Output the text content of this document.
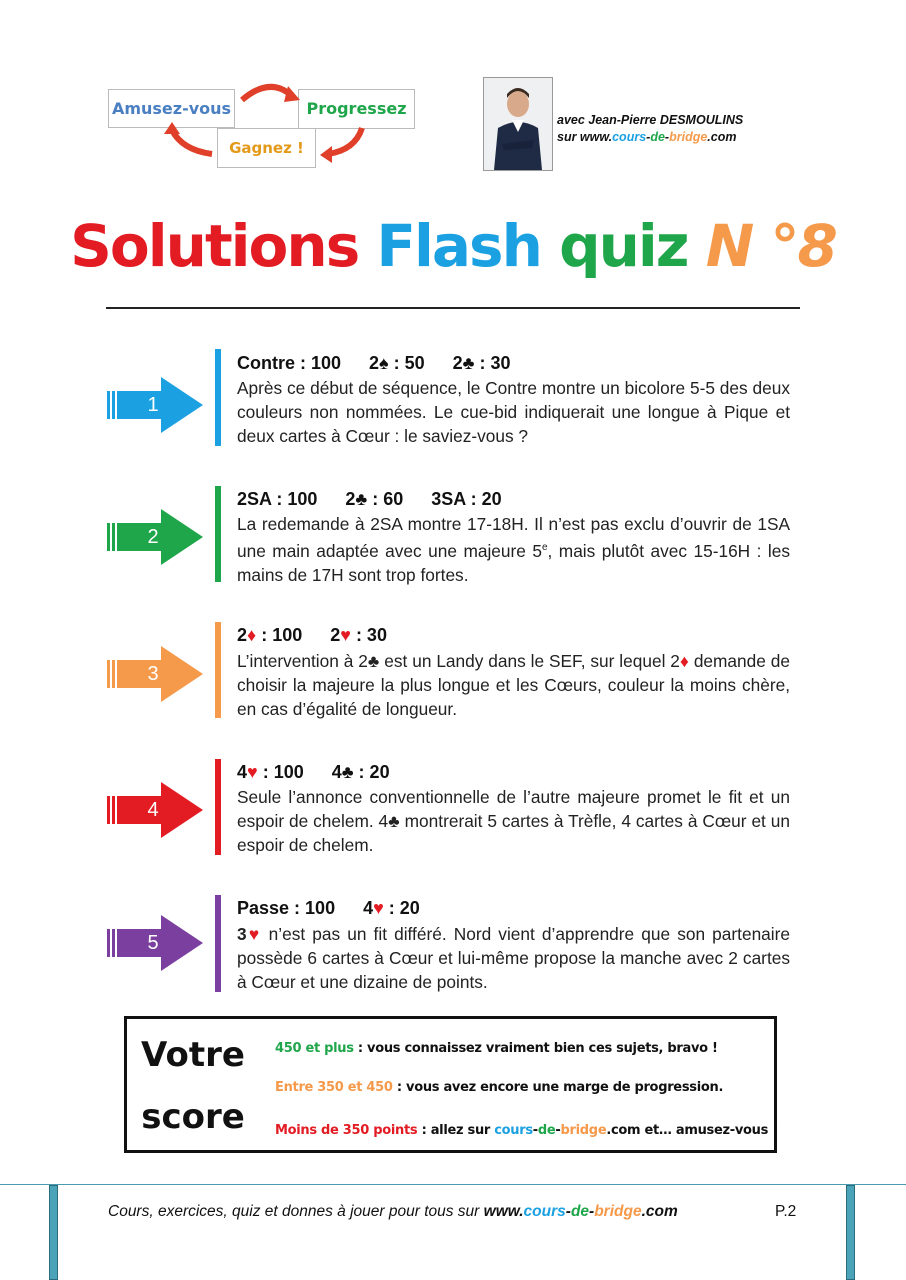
Amusez-vous	Progressez
Gagnez !
avec Jean-Pierre DESMOULINS
sur www.cours-de-bridge.com
Solutions Flash quiz N °8
1
Contre : 100 2♠ : 50 2♣ : 30
Après ce début de séquence, le Contre montre un bicolore 5-5 des deux couleurs non nommées. Le cue-bid indiquerait une longue à Pique et deux cartes à Cœur : le saviez-vous ?
2
2SA : 100 2♣ : 60 3SA : 20
La redemande à 2SA montre 17-18H. Il n’est pas exclu d’ouvrir de 1SA une main adaptée avec une majeure 5e, mais plutôt avec 15-16H : les mains de 17H sont trop fortes.
3
2♦ : 100 2♥ : 30
L’intervention à 2♣ est un Landy dans le SEF, sur lequel 2♦ demande de choisir la majeure la plus longue et les Cœurs, couleur la moins chère, en cas d’égalité de longueur.
4
4♥ : 100 4♣ : 20
Seule l’annonce conventionnelle de l’autre majeure promet le fit et un espoir de chelem. 4♣ montrerait 5 cartes à Trèfle, 4 cartes à Cœur et un espoir de chelem.
5
Passe : 100 4♥ : 20
3♥ n’est pas un fit différé. Nord vient d’apprendre que son partenaire possède 6 cartes à Cœur et lui-même propose la manche avec 2 cartes à Cœur et une dizaine de points.
Votre
score
450 et plus : vous connaissez vraiment bien ces sujets, bravo !
Entre 350 et 450 : vous avez encore une marge de progression.
Moins de 350 points : allez sur cours-de-bridge.com et… amusez-vous !
Cours, exercices, quiz et donnes à jouer pour tous sur www.cours-de-bridge.com	P.2
